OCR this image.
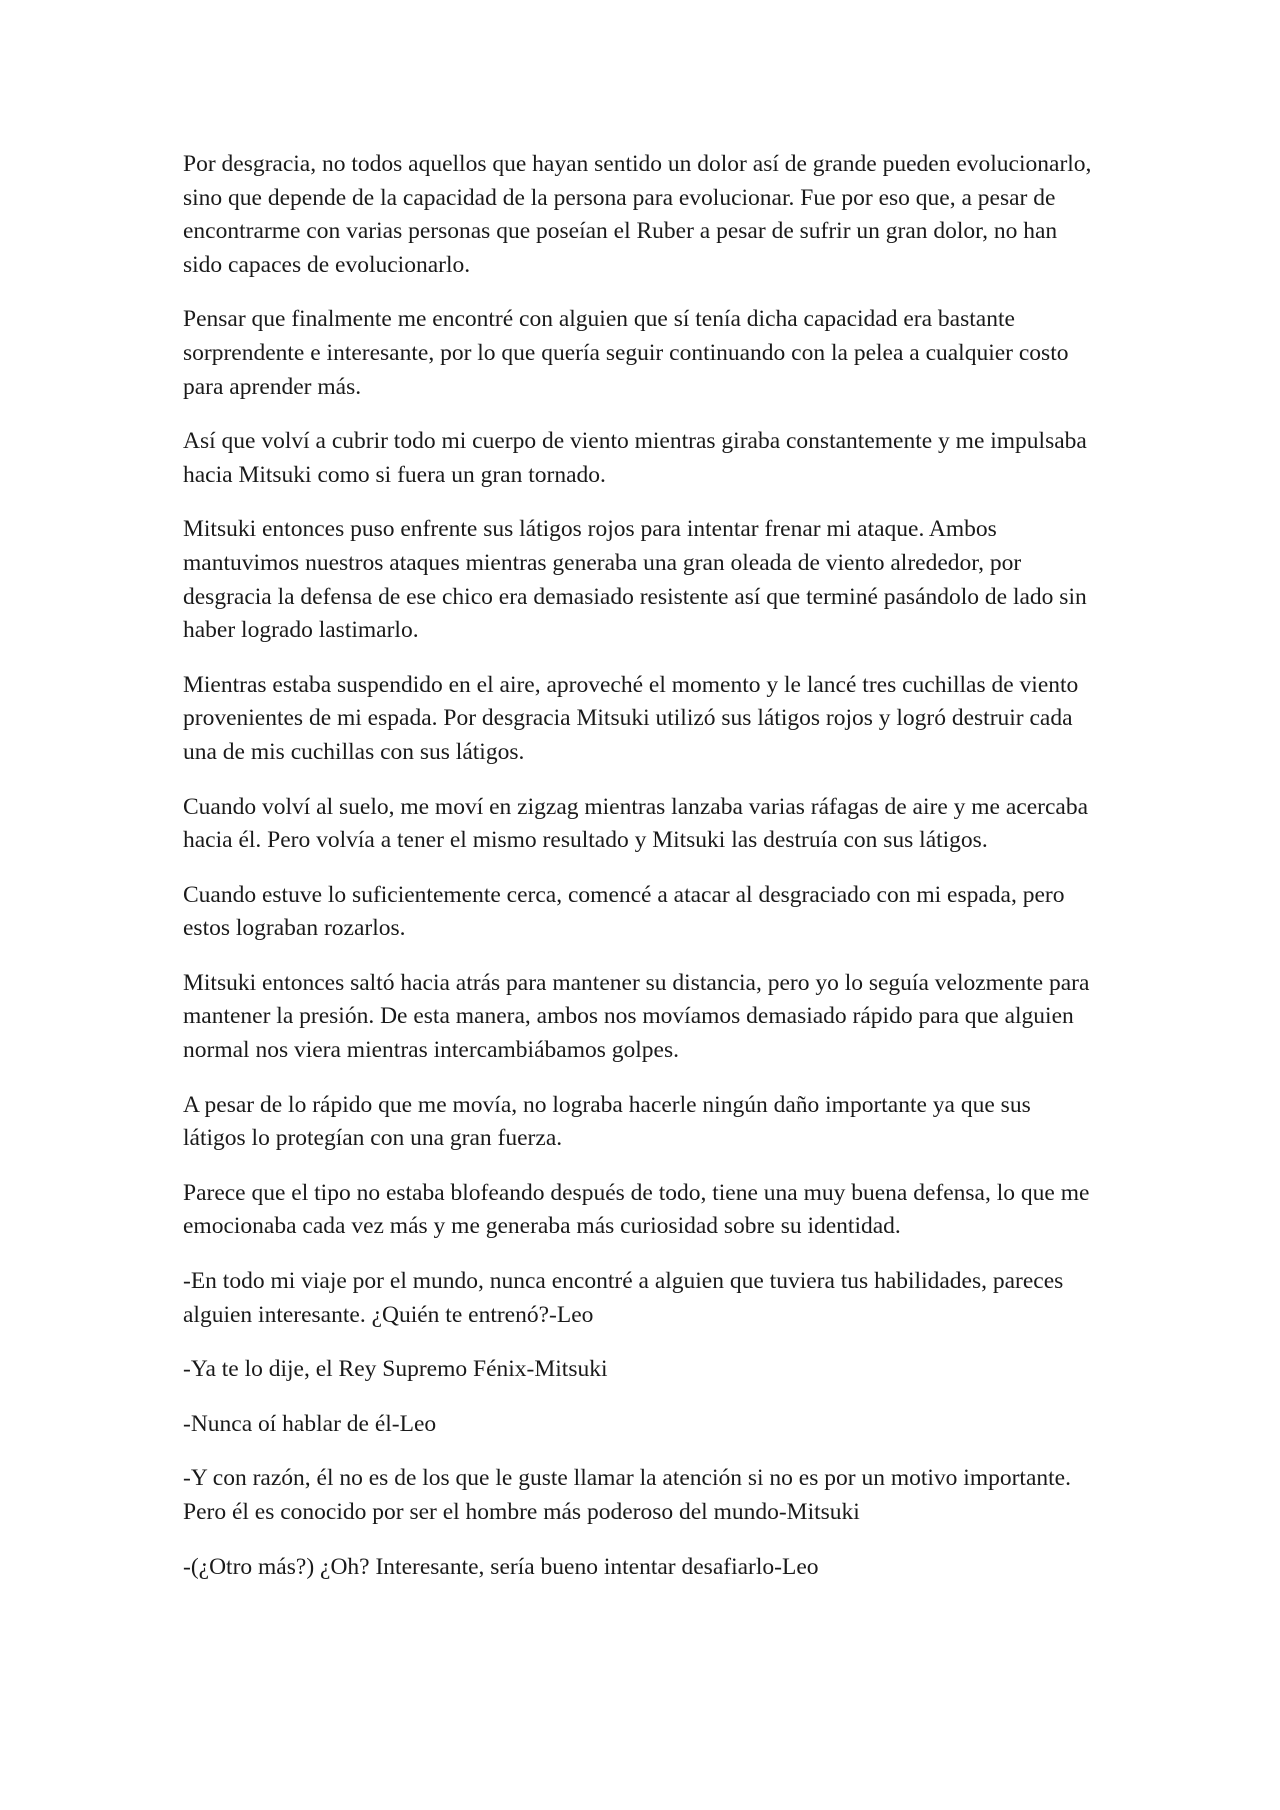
Por desgracia, no todos aquellos que hayan sentido un dolor así de grande pueden evolucionarlo, sino que depende de la capacidad de la persona para evolucionar. Fue por eso que, a pesar de encontrarme con varias personas que poseían el Ruber a pesar de sufrir un gran dolor, no han sido capaces de evolucionarlo.

Pensar que finalmente me encontré con alguien que sí tenía dicha capacidad era bastante sorprendente e interesante, por lo que quería seguir continuando con la pelea a cualquier costo para aprender más.

Así que volví a cubrir todo mi cuerpo de viento mientras giraba constantemente y me impulsaba hacia Mitsuki como si fuera un gran tornado.

Mitsuki entonces puso enfrente sus látigos rojos para intentar frenar mi ataque. Ambos mantuvimos nuestros ataques mientras generaba una gran oleada de viento alrededor, por desgracia la defensa de ese chico era demasiado resistente así que terminé pasándolo de lado sin haber logrado lastimarlo.

Mientras estaba suspendido en el aire, aproveché el momento y le lancé tres cuchillas de viento provenientes de mi espada. Por desgracia Mitsuki utilizó sus látigos rojos y logró destruir cada una de mis cuchillas con sus látigos.

Cuando volví al suelo, me moví en zigzag mientras lanzaba varias ráfagas de aire y me acercaba hacia él. Pero volvía a tener el mismo resultado y Mitsuki las destruía con sus látigos.

Cuando estuve lo suficientemente cerca, comencé a atacar al desgraciado con mi espada, pero estos lograban rozarlos.

Mitsuki entonces saltó hacia atrás para mantener su distancia, pero yo lo seguía velozmente para mantener la presión. De esta manera, ambos nos movíamos demasiado rápido para que alguien normal nos viera mientras intercambiábamos golpes.

A pesar de lo rápido que me movía, no lograba hacerle ningún daño importante ya que sus látigos lo protegían con una gran fuerza.

Parece que el tipo no estaba blofeando después de todo, tiene una muy buena defensa, lo que me emocionaba cada vez más y me generaba más curiosidad sobre su identidad.

-En todo mi viaje por el mundo, nunca encontré a alguien que tuviera tus habilidades, pareces alguien interesante. ¿Quién te entrenó?-Leo

-Ya te lo dije, el Rey Supremo Fénix-Mitsuki

-Nunca oí hablar de él-Leo

-Y con razón, él no es de los que le guste llamar la atención si no es por un motivo importante. Pero él es conocido por ser el hombre más poderoso del mundo-Mitsuki

-(¿Otro más?) ¿Oh? Interesante, sería bueno intentar desafiarlo-Leo
